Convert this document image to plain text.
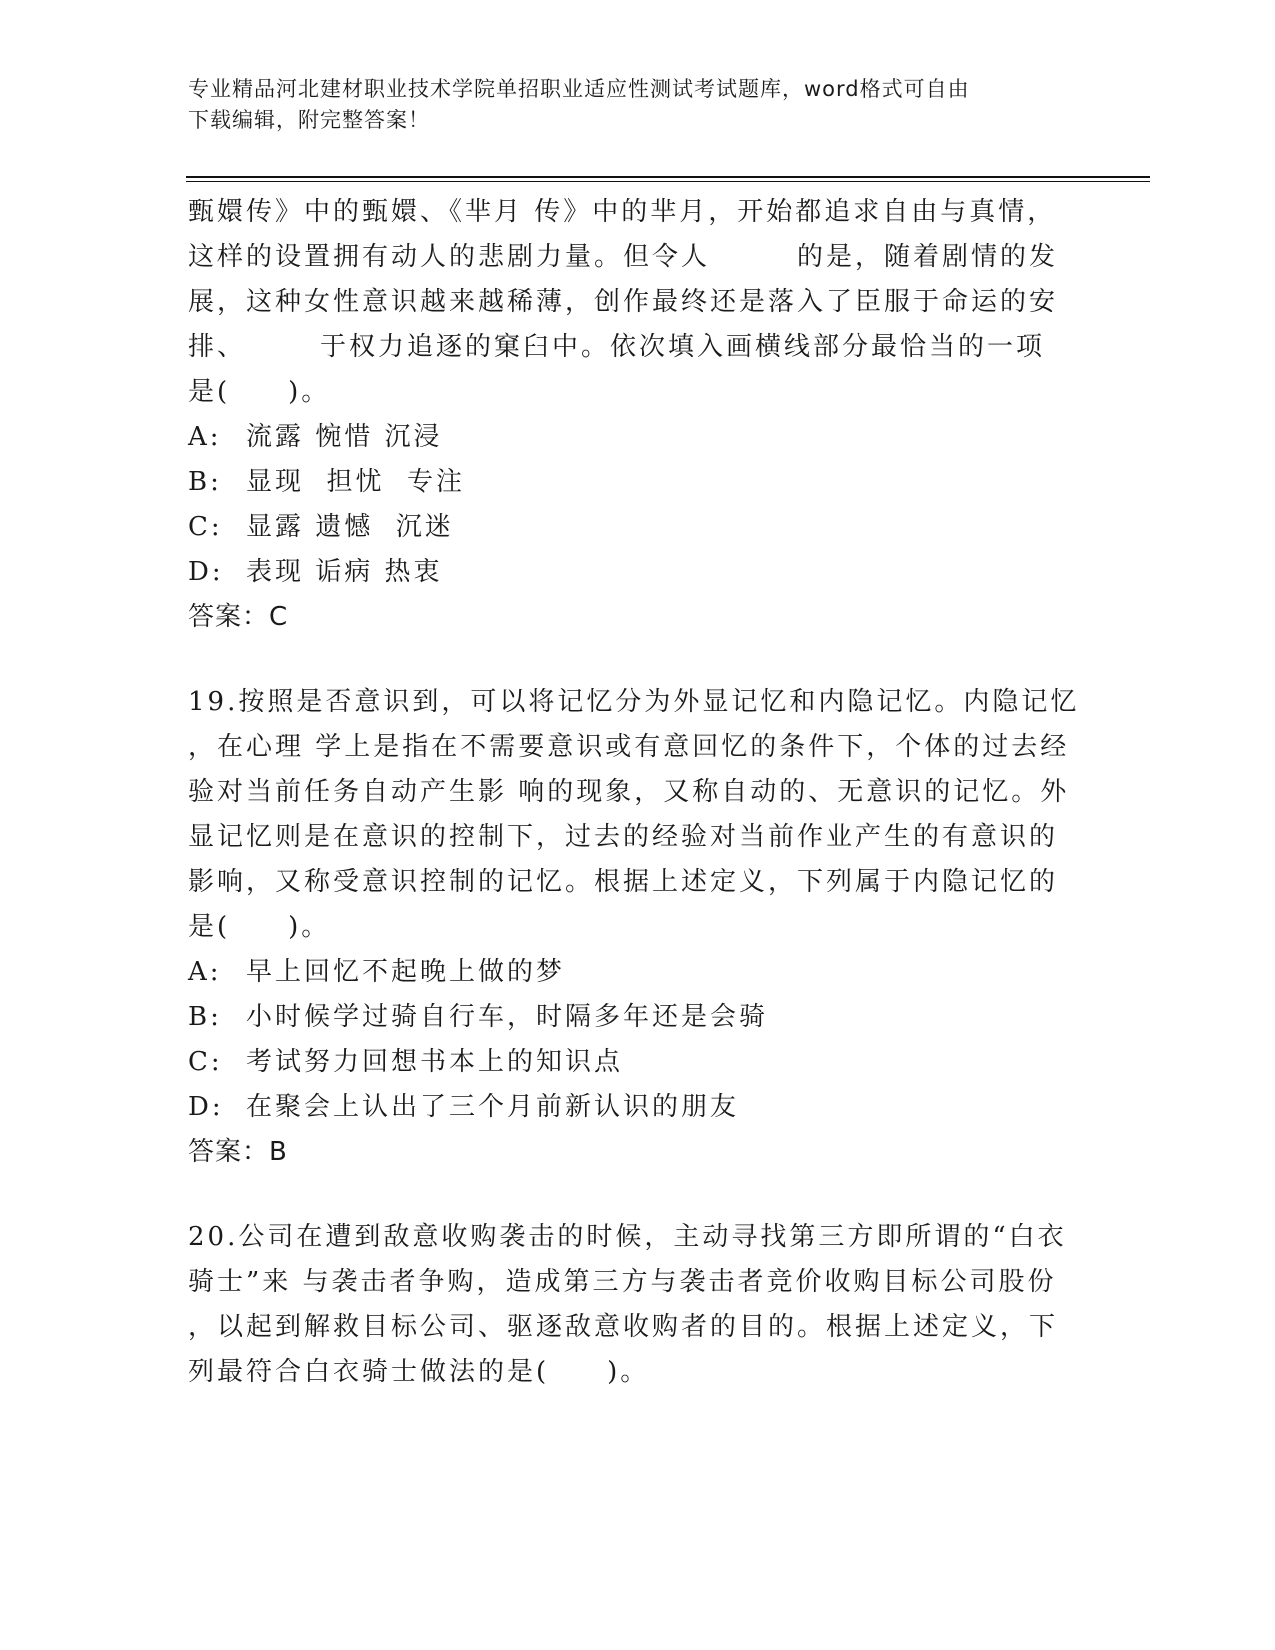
专业精品河北建材职业技术学院单招职业适应性测试考试题库，word格式可自由
下载编辑，附完整答案！
甄嬛传》中的甄嬛、《芈月 传》中的芈月，开始都追求自由与真情，
这样的设置拥有动人的悲剧力量。但令人　　　的是，随着剧情的发
展，这种女性意识越来越稀薄，创作最终还是落入了臣服于命运的安
排、　　　于权力追逐的窠臼中。依次填入画横线部分最恰当的一项
是(　　)。
A: 流露 惋惜 沉浸
B: 显现  担忧  专注
C: 显露 遗憾  沉迷
D: 表现 诟病 热衷
答案：C
19.按照是否意识到，可以将记忆分为外显记忆和内隐记忆。内隐记忆
，在心理 学上是指在不需要意识或有意回忆的条件下，个体的过去经
验对当前任务自动产生影 响的现象，又称自动的、无意识的记忆。外
显记忆则是在意识的控制下，过去的经验对当前作业产生的有意识的
影响，又称受意识控制的记忆。根据上述定义，下列属于内隐记忆的
是(　　)。
A: 早上回忆不起晚上做的梦
B: 小时候学过骑自行车，时隔多年还是会骑
C: 考试努力回想书本上的知识点
D: 在聚会上认出了三个月前新认识的朋友
答案：B
20.公司在遭到敌意收购袭击的时候，主动寻找第三方即所谓的“白衣
骑士”来 与袭击者争购，造成第三方与袭击者竞价收购目标公司股份
，以起到解救目标公司、驱逐敌意收购者的目的。根据上述定义，下
列最符合白衣骑士做法的是(　　)。
